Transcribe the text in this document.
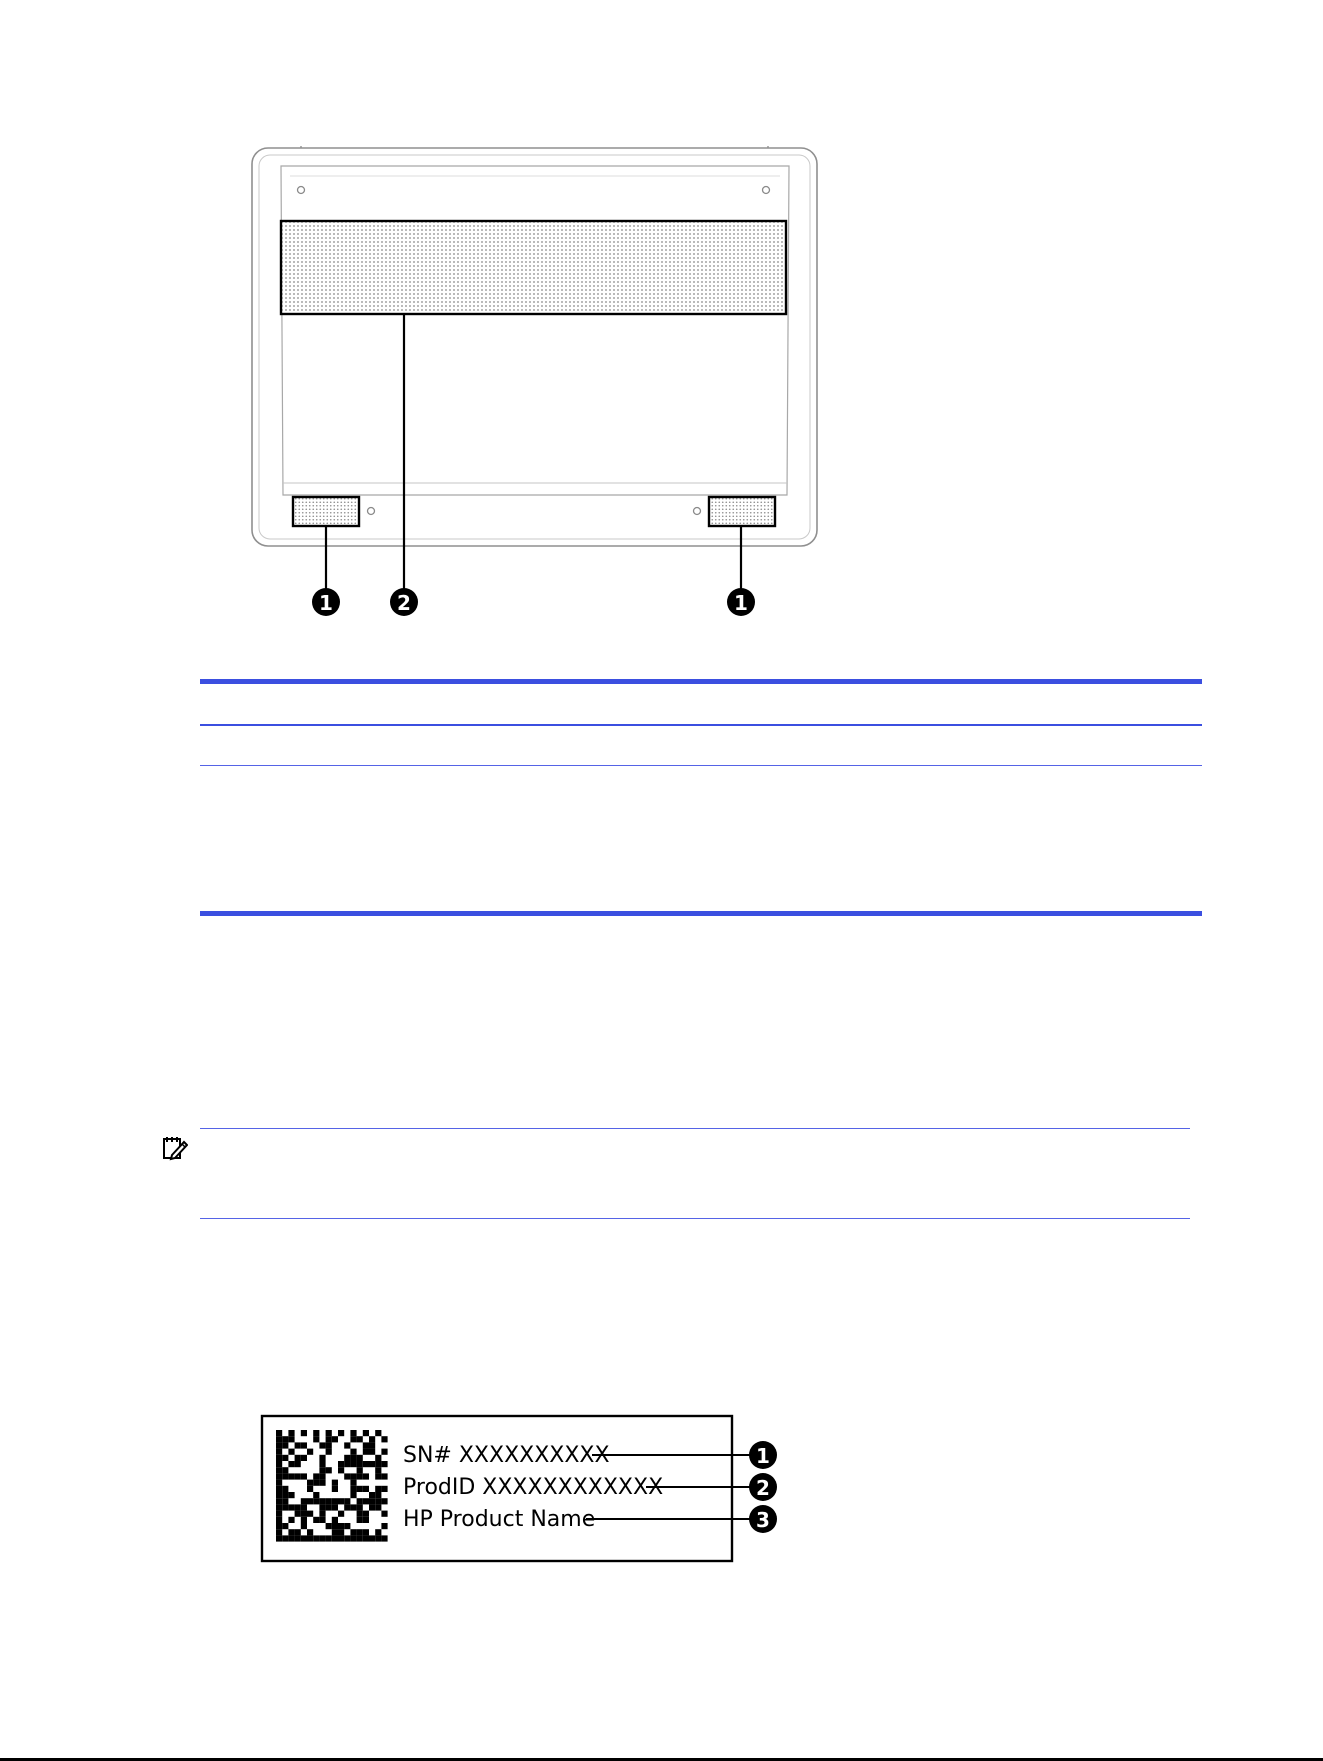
1	2	1
SN# XXXXXXXXXX
ProdID XXXXXXXXXXXX
HP Product Name
1
2
3
